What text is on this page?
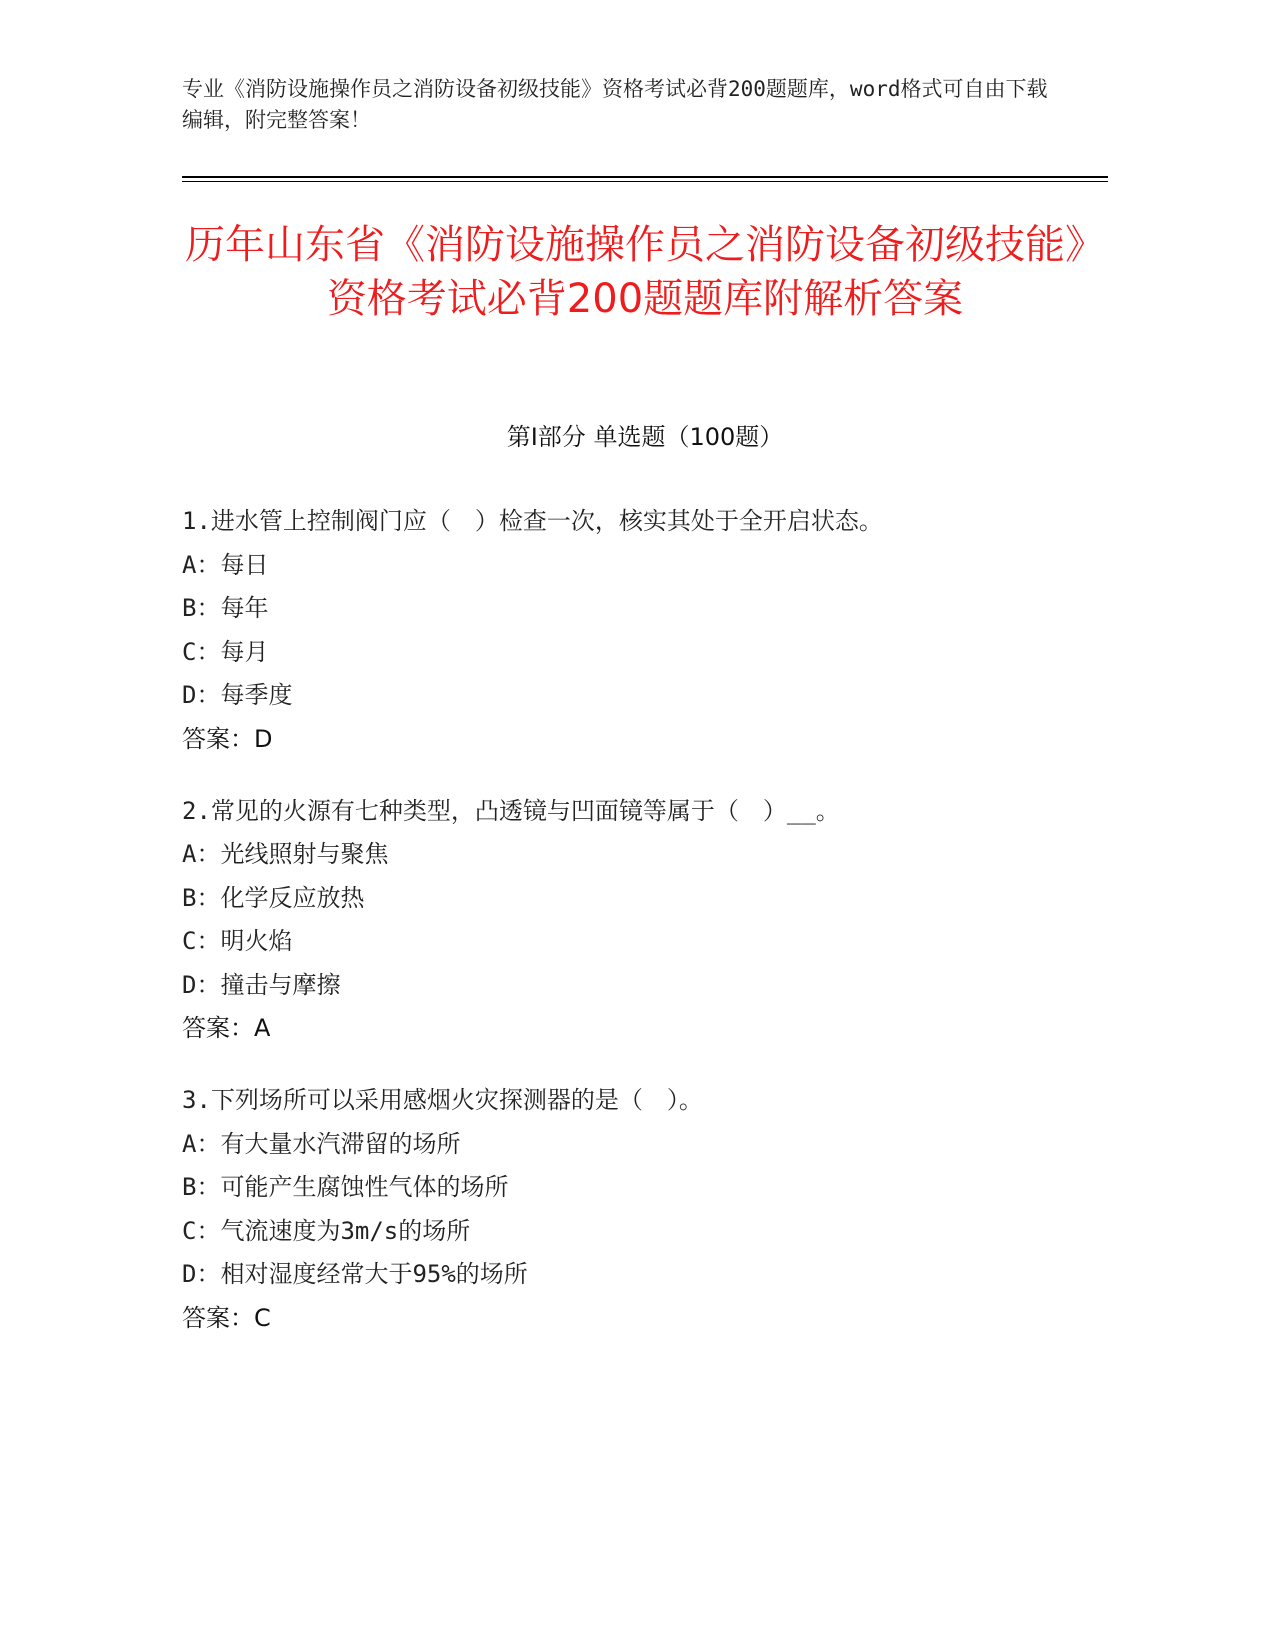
专业《消防设施操作员之消防设备初级技能》资格考试必背200题题库，word格式可自由下载编辑，附完整答案！
历年山东省《消防设施操作员之消防设备初级技能》资格考试必背200题题库附解析答案
第Ⅰ部分 单选题（100题）
1.进水管上控制阀门应（　）检查一次，核实其处于全开启状态。
A：每日
B：每年
C：每月
D：每季度
答案：D
2.常见的火源有七种类型，凸透镜与凹面镜等属于（　）__。
A：光线照射与聚焦
B：化学反应放热
C：明火焰
D：撞击与摩擦
答案：A
3.下列场所可以采用感烟火灾探测器的是（　）。
A：有大量水汽滞留的场所
B：可能产生腐蚀性气体的场所
C：气流速度为3m/s的场所
D：相对湿度经常大于95%的场所
答案：C
